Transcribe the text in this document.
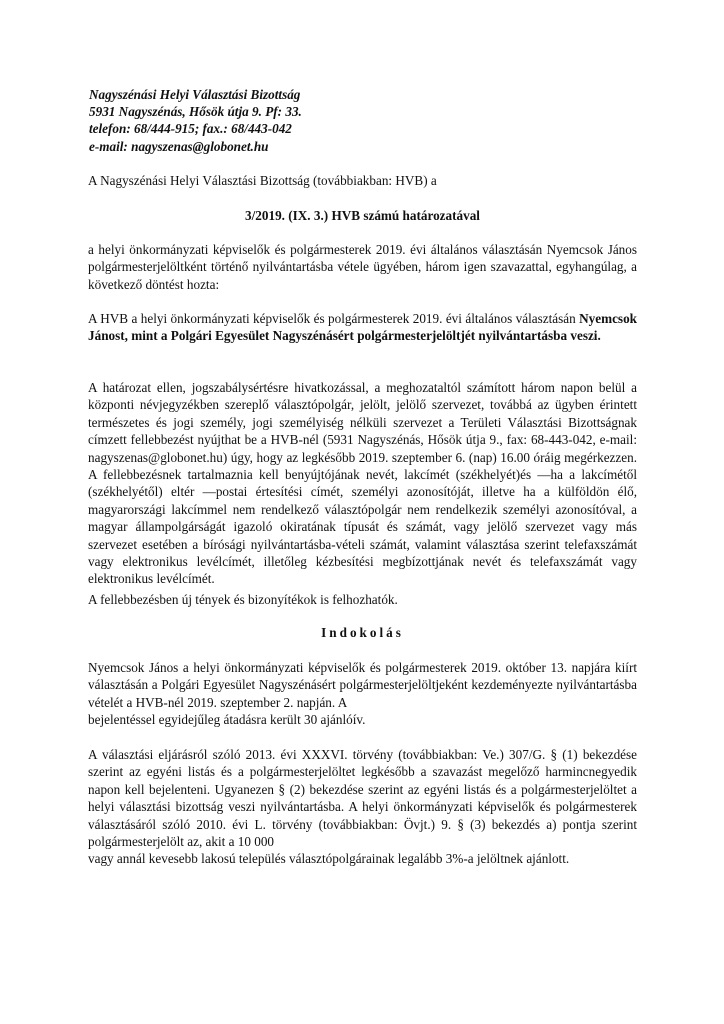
Nagyszénási Helyi Választási Bizottság
5931 Nagyszénás, Hősök útja 9. Pf: 33.
telefon: 68/444-915; fax.: 68/443-042
e-mail: nagyszenas@globonet.hu

A Nagyszénási Helyi Választási Bizottság (továbbiakban: HVB) a

3/2019. (IX. 3.) HVB számú határozatával

a helyi önkormányzati képviselők és polgármesterek 2019. évi általános választásán Nyemcsok János polgármesterjelöltként történő nyilvántartásba vétele ügyében, három igen szavazattal, egyhangúlag, a következő döntést hozta:

A HVB a helyi önkormányzati képviselők és polgármesterek 2019. évi általános választásán Nyemcsok Jánost, mint a Polgári Egyesület Nagyszénásért polgármesterjelöltjét nyilvántartásba veszi.

A határozat ellen, jogszabálysértésre hivatkozással, a meghozataltól számított három napon belül a központi névjegyzékben szereplő választópolgár, jelölt, jelölő szervezet, továbbá az ügyben érintett természetes és jogi személy, jogi személyiség nélküli szervezet a Területi Választási Bizottságnak címzett fellebbezést nyújthat be a HVB-nél (5931 Nagyszénás, Hősök útja 9., fax: 68-443-042, e-mail: nagyszenas@globonet.hu) úgy, hogy az legkésőbb 2019. szeptember 6. (nap) 16.00 óráig megérkezzen. A fellebbezésnek tartalmaznia kell benyújtójának nevét, lakcímét (székhelyét)és —ha a lakcímétől (székhelyétől) eltér —postai értesítési címét, személyi azonosítóját, illetve ha a külföldön élő, magyarországi lakcímmel nem rendelkező választópolgár nem rendelkezik személyi azonosítóval, a magyar állampolgárságát igazoló okiratának típusát és számát, vagy jelölő szervezet vagy más szervezet esetében a bírósági nyilvántartásba-vételi számát, valamint választása szerint telefaxszámát vagy elektronikus levélcímét, illetőleg kézbesítési megbízottjának nevét és telefaxszámát vagy elektronikus levélcímét.

A fellebbezésben új tények és bizonyítékok is felhozhatók.

Indokolás

Nyemcsok János a helyi önkormányzati képviselők és polgármesterek 2019. október 13. napjára kiírt választásán a Polgári Egyesület Nagyszénásért polgármesterjelöltjeként kezdeményezte nyilvántartásba vételét a HVB-nél 2019. szeptember 2. napján. A

bejelentéssel egyidejűleg átadásra került 30 ajánlóív.

A választási eljárásról szóló 2013. évi XXXVI. törvény (továbbiakban: Ve.) 307/G. § (1) bekezdése szerint az egyéni listás és a polgármesterjelöltet legkésőbb a szavazást megelőző harmincnegyedik napon kell bejelenteni. Ugyanezen § (2) bekezdése szerint az egyéni listás és a polgármesterjelöltet a helyi választási bizottság veszi nyilvántartásba. A helyi önkormányzati képviselők és polgármesterek választásáról szóló 2010. évi L. törvény (továbbiakban: Övjt.) 9. § (3) bekezdés a) pontja szerint polgármesterjelölt az, akit a 10 000

vagy annál kevesebb lakosú település választópolgárainak legalább 3%-a jelöltnek ajánlott.
